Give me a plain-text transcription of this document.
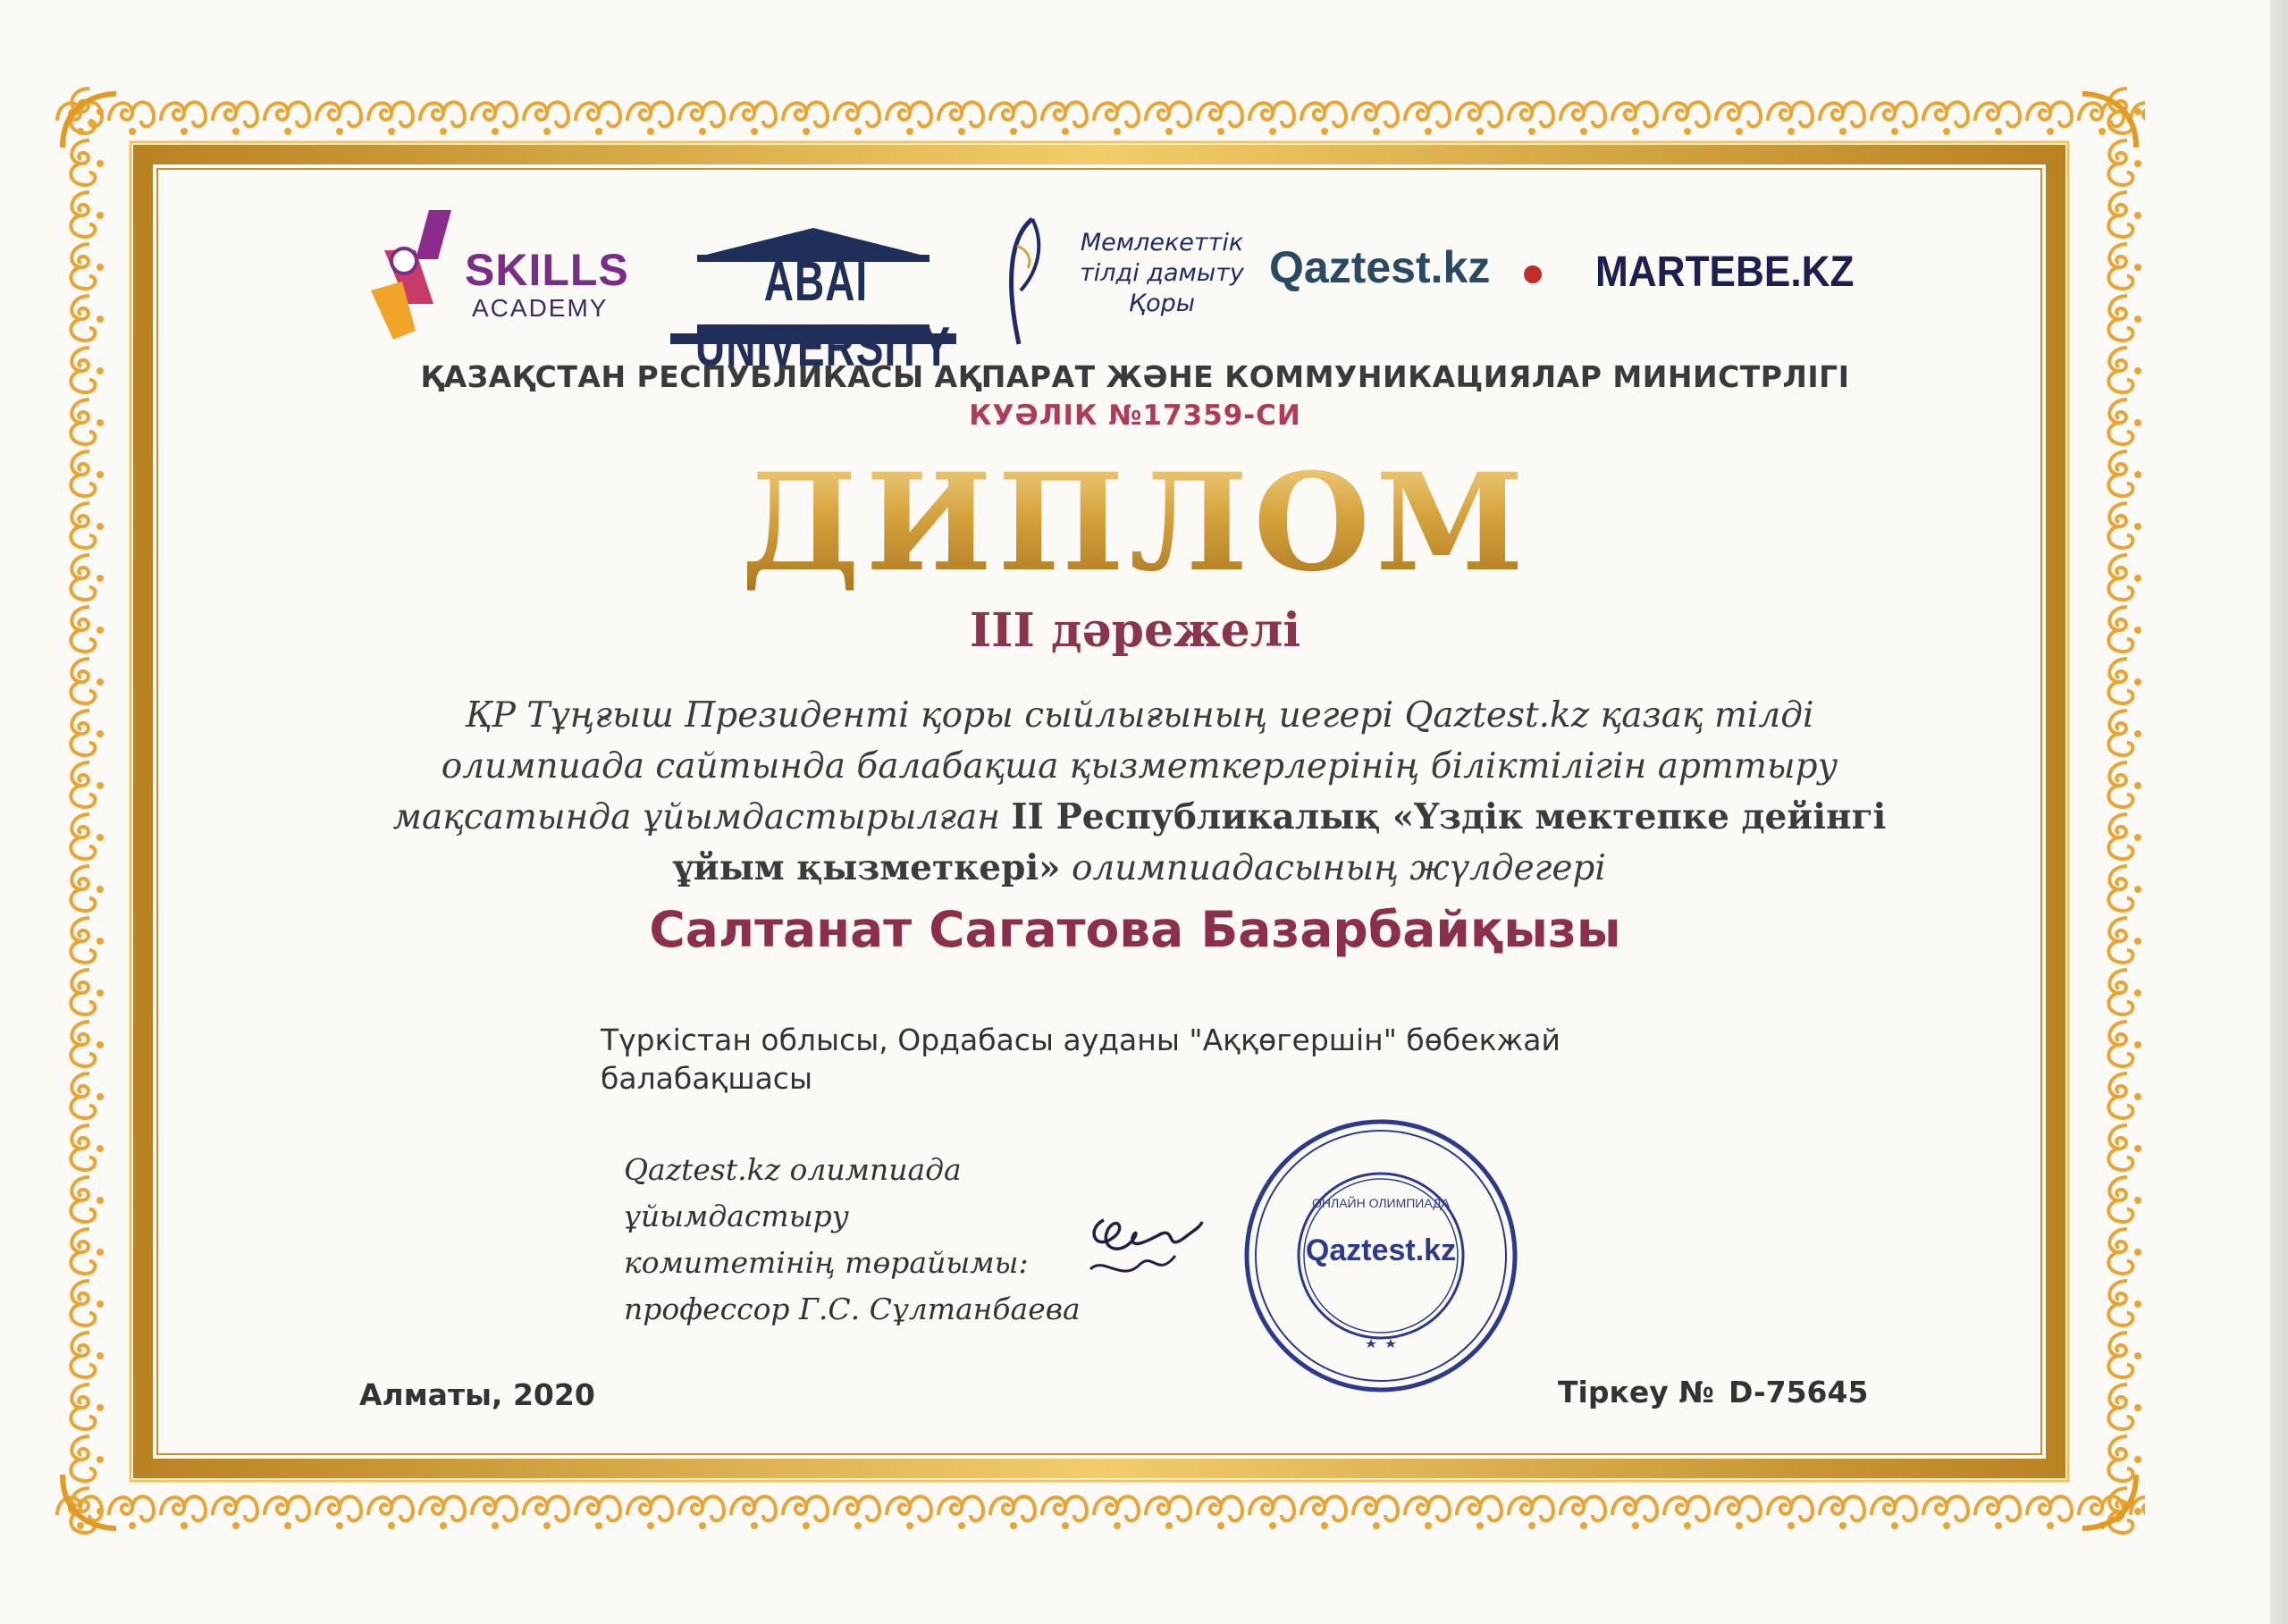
SKILLS
ACADEMY	ABAI UNIVERSITY
Мемлекеттік тілді дамыту Қоры
Qaztest.kz MARTEBE.KZ
ҚАЗАҚСТАН РЕСПУБЛИКАСЫ АҚПАРАТ ЖӘНЕ КОММУНИКАЦИЯЛАР МИНИСТРЛІГІ
КУӘЛІК №17359-СИ
ДИПЛОМ
III дәрежелі
ҚР Тұңғыш Президенті қоры сыйлығының иегері Qaztest.kz қазақ тілді олимпиада сайтында балабақша қызметкерлерінің біліктілігін арттыру мақсатында ұйымдастырылған II Республикалық «Үздік мектепке дейінгі ұйым қызметкері» олимпиадасының жүлдегері
Салтанат Сагатова Базарбайқызы
Түркістан облысы, Ордабасы ауданы "Аққөгершін" бөбекжай балабақшасы
Qaztest.kz олимпиада ұйымдастыру
комитетінің төрайымы:
профессор Г.С. Сұлтанбаева
ОНЛАЙН ОЛИМПИАДА
Qaztest.kz
Алматы, 2020	Тіркеу № D-75645
